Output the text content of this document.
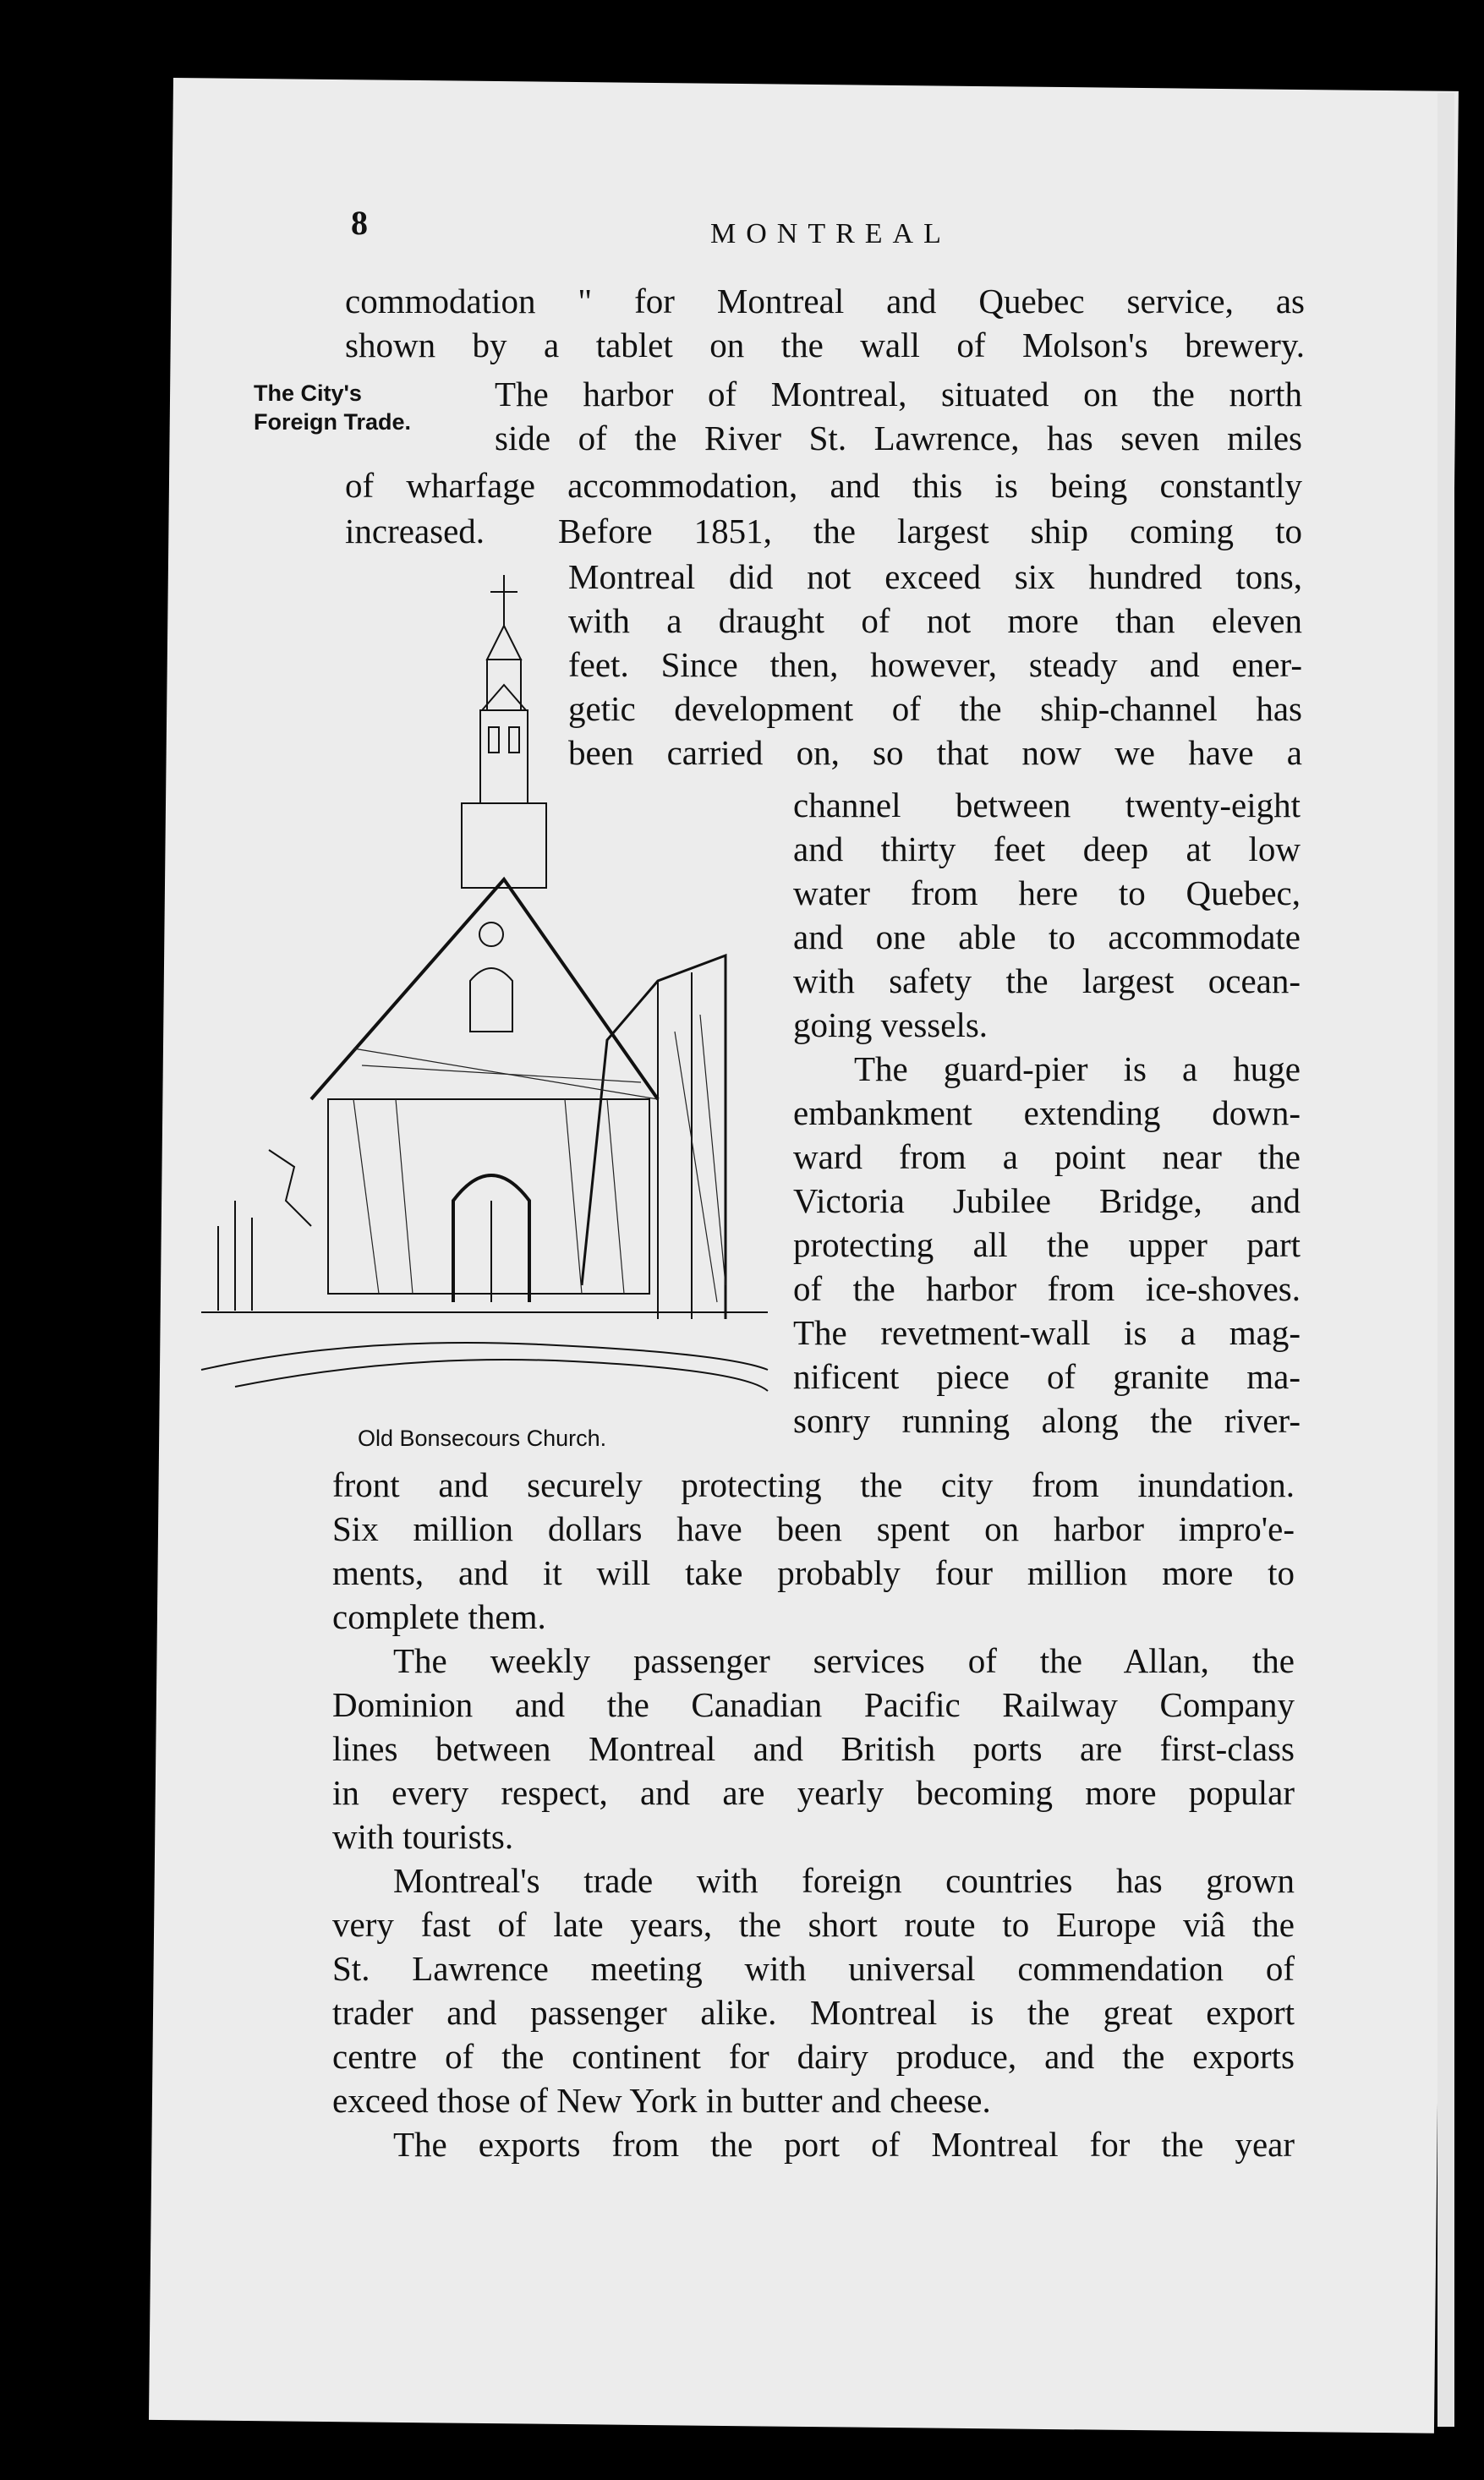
8	MONTREAL
commodation " for Montreal and Quebec service, as
shown by a tablet on the wall of Molson's brewery.
The City's
Foreign Trade.
The harbor of Montreal, situated on the north
side of the River St. Lawrence, has seven miles
of wharfage accommodation, and this is being constantly
increased. Before 1851, the largest ship coming to
Montreal did not exceed six hundred tons,
with a draught of not more than eleven
feet. Since then, however, steady and ener-
getic development of the ship-channel has
been carried on, so that now we have a
channel between twenty-eight
and thirty feet deep at low
water from here to Quebec,
and one able to accommodate
with safety the largest ocean-
going vessels.
The guard-pier is a huge
embankment extending down-
ward from a point near the
Victoria Jubilee Bridge, and
protecting all the upper part
of the harbor from ice-shoves.
The revetment-wall is a mag-
nificent piece of granite ma-
sonry running along the river-
Old Bonsecours Church.
front and securely protecting the city from inundation.
Six million dollars have been spent on harbor impro'e-
ments, and it will take probably four million more to
complete them.
The weekly passenger services of the Allan, the
Dominion and the Canadian Pacific Railway Company
lines between Montreal and British ports are first-class
in every respect, and are yearly becoming more popular
with tourists.
Montreal's trade with foreign countries has grown
very fast of late years, the short route to Europe viâ the
St. Lawrence meeting with universal commendation of
trader and passenger alike. Montreal is the great export
centre of the continent for dairy produce, and the exports
exceed those of New York in butter and cheese.
The exports from the port of Montreal for the year
